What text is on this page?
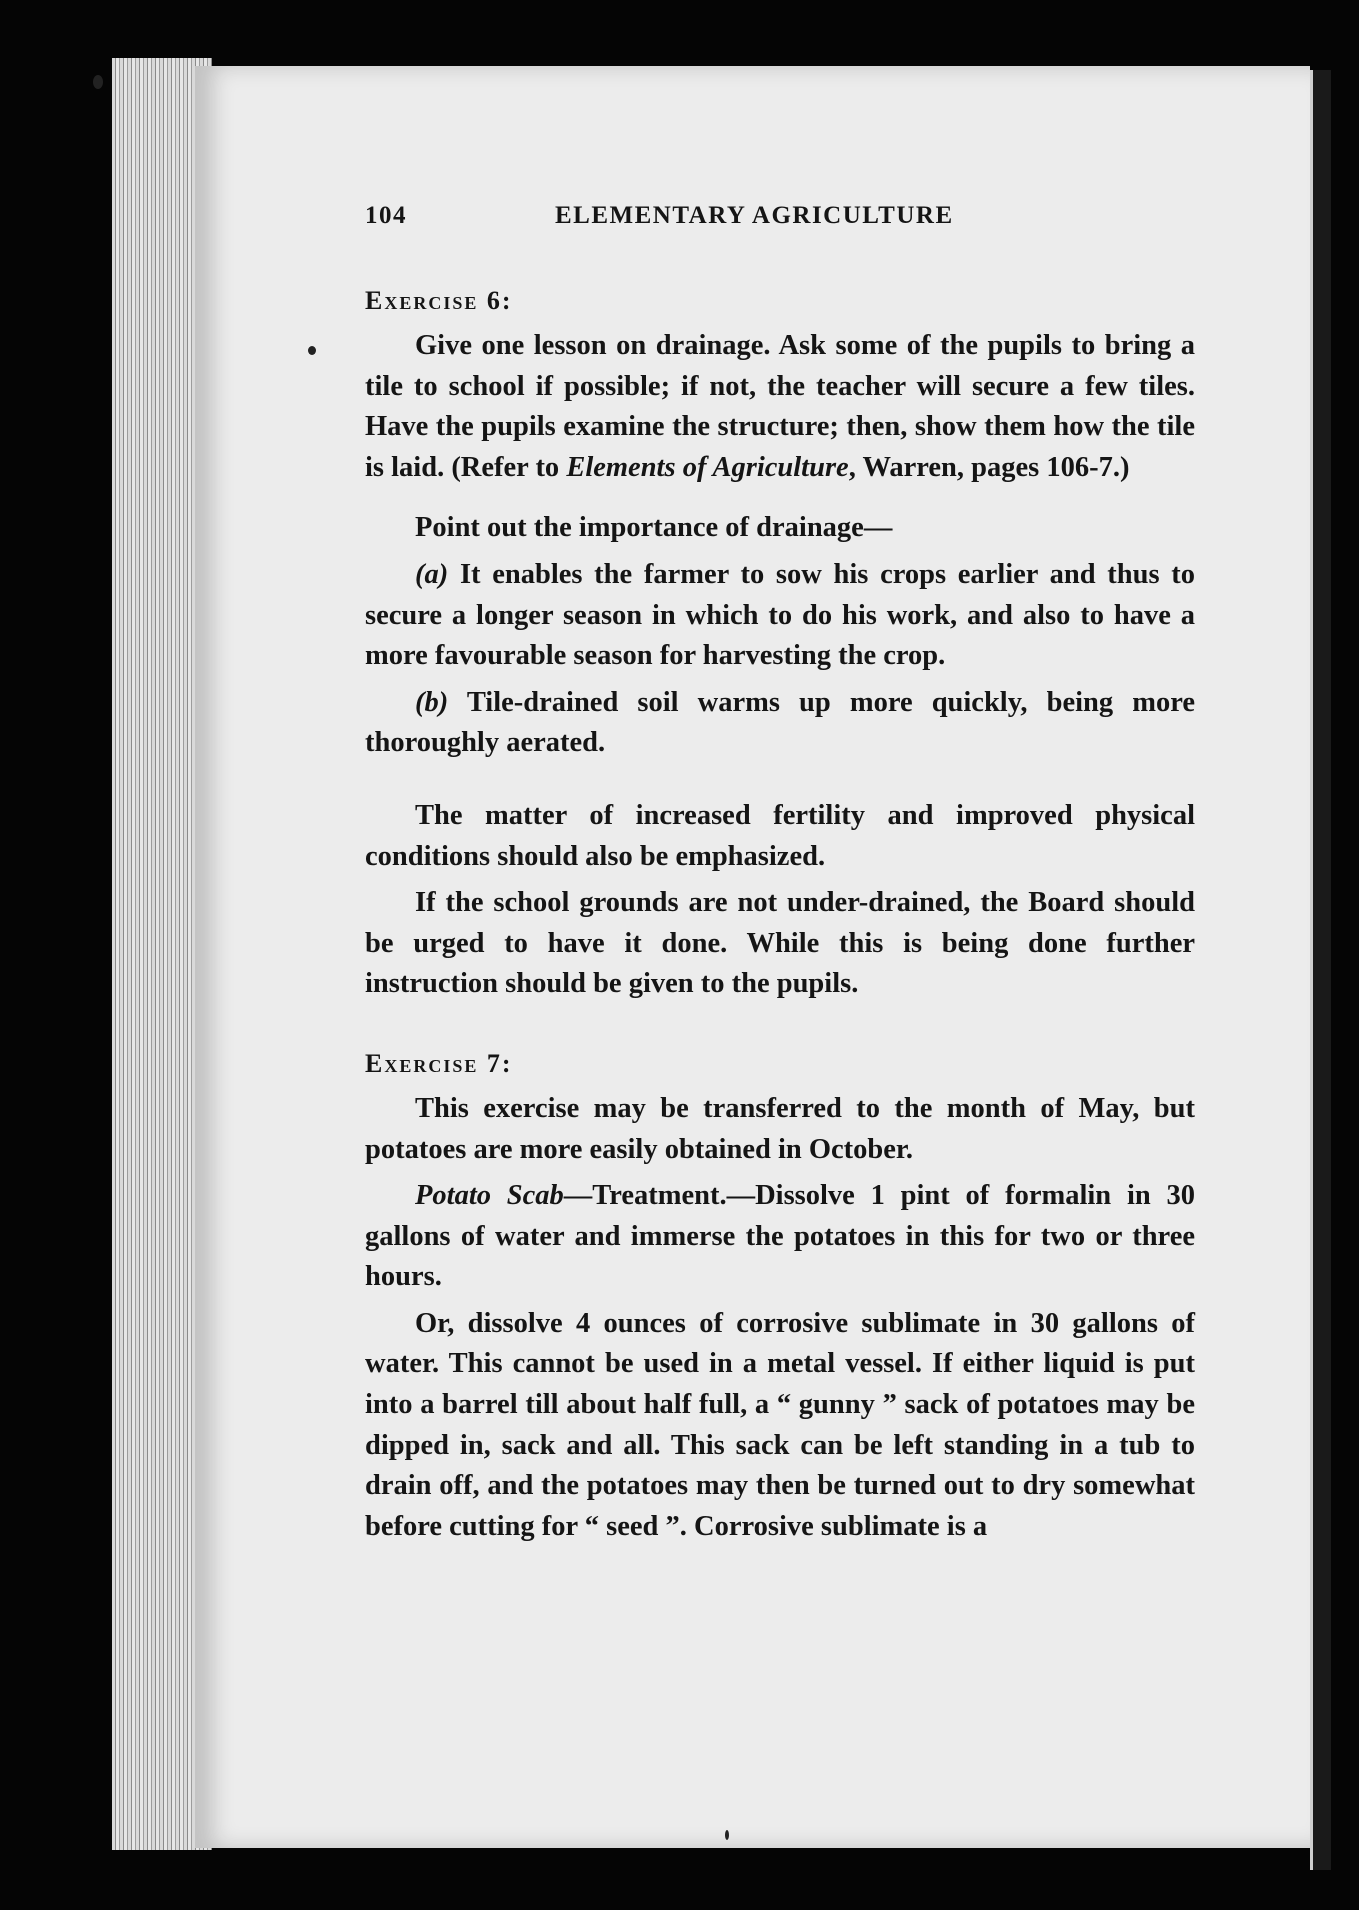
104	ELEMENTARY AGRICULTURE
Exercise 6:

Give one lesson on drainage. Ask some of the pupils to bring a tile to school if possible; if not, the teacher will secure a few tiles. Have the pupils examine the structure; then, show them how the tile is laid. (Refer to Elements of Agriculture, Warren, pages 106-7.)

Point out the importance of drainage—

(a) It enables the farmer to sow his crops earlier and thus to secure a longer season in which to do his work, and also to have a more favourable season for harvesting the crop.

(b) Tile-drained soil warms up more quickly, being more thoroughly aerated.

The matter of increased fertility and improved physical conditions should also be emphasized.

If the school grounds are not under-drained, the Board should be urged to have it done. While this is being done further instruction should be given to the pupils.

Exercise 7:

This exercise may be transferred to the month of May, but potatoes are more easily obtained in October.

Potato Scab—Treatment.—Dissolve 1 pint of formalin in 30 gallons of water and immerse the potatoes in this for two or three hours.

Or, dissolve 4 ounces of corrosive sublimate in 30 gallons of water. This cannot be used in a metal vessel. If either liquid is put into a barrel till about half full, a “ gunny ” sack of potatoes may be dipped in, sack and all. This sack can be left standing in a tub to drain off, and the potatoes may then be turned out to dry somewhat before cutting for “ seed ”. Corrosive sublimate is a
